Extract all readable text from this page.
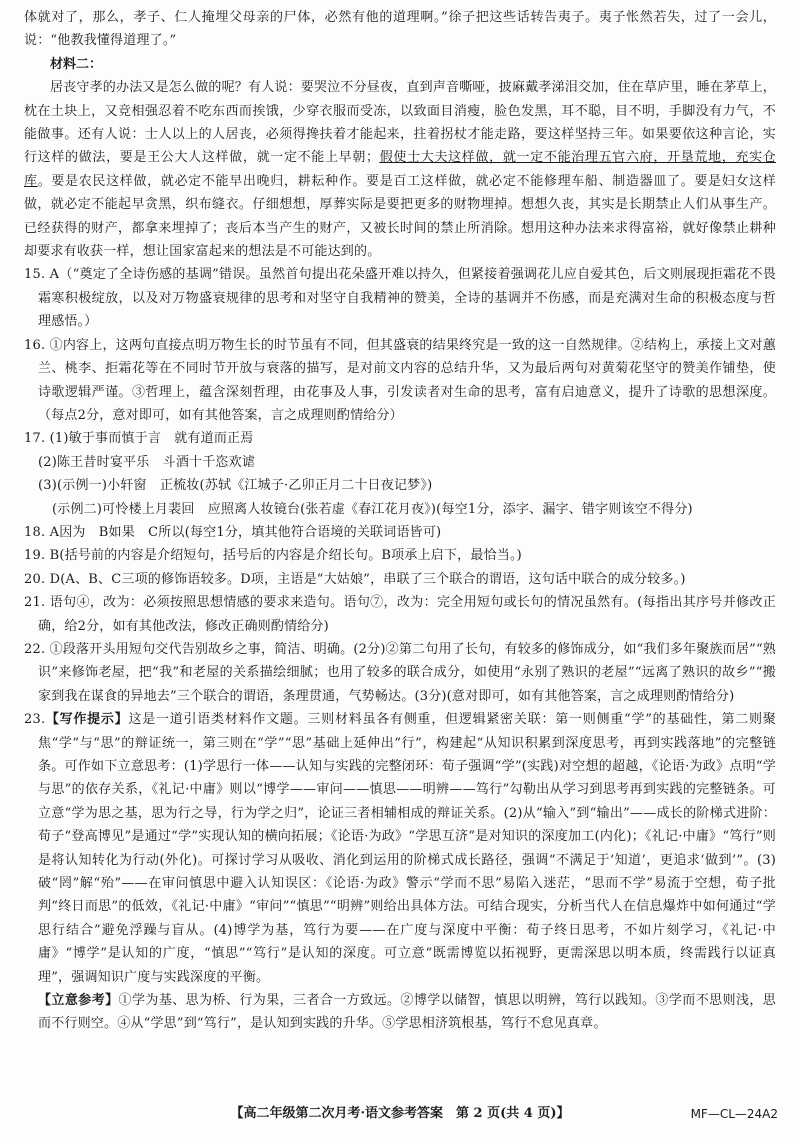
体就对了，那么，孝子、仁人掩埋父母亲的尸体，必然有他的道理啊。”徐子把这些话转告夷子。夷子怅然若失，过了一会儿，说：“他教我懂得道理了。”

材料二：

居丧守孝的办法又是怎么做的呢？有人说：要哭泣不分昼夜，直到声音嘶哑，披麻戴孝涕泪交加，住在草庐里，睡在茅草上，枕在土块上，又竞相强忍着不吃东西而挨饿，少穿衣服而受冻，以致面目消瘦，脸色发黑，耳不聪，目不明，手脚没有力气，不能做事。还有人说：士人以上的人居丧，必须得搀扶着才能起来，拄着拐杖才能走路，要这样坚持三年。如果要依这种言论，实行这样的做法，要是王公大人这样做，就一定不能上早朝；假使士大夫这样做，就一定不能治理五官六府，开垦荒地，充实仓库。要是农民这样做，就必定不能早出晚归，耕耘种作。要是百工这样做，就必定不能修理车船、制造器皿了。要是妇女这样做，就必定不能起早贪黑，织布缝衣。仔细想想，厚葬实际是要把更多的财物埋掉。想想久丧，其实是长期禁止人们从事生产。已经获得的财产，都拿来埋掉了；丧后本当产生的财产，又被长时间的禁止所消除。想用这种办法来求得富裕，就好像禁止耕种却要求有收获一样，想让国家富起来的想法是不可能达到的。

15. A（“奠定了全诗伤感的基调”错误。虽然首句提出花朵盛开难以持久，但紧接着强调花儿应自爱其色，后文则展现拒霜花不畏霜寒积极绽放，以及对万物盛衰规律的思考和对坚守自我精神的赞美，全诗的基调并不伤感，而是充满对生命的积极态度与哲理感悟。）

16. ①内容上，这两句直接点明万物生长的时节虽有不同，但其盛衰的结果终究是一致的这一自然规律。②结构上，承接上文对蕙兰、桃李、拒霜花等在不同时节开放与衰落的描写，是对前文内容的总结升华，又为最后两句对黄菊花坚守的赞美作铺垫，使诗歌逻辑严谨。③哲理上，蕴含深刻哲理，由花事及人事，引发读者对生命的思考，富有启迪意义，提升了诗歌的思想深度。（每点2分，意对即可，如有其他答案，言之成理则酌情给分）

17. (1)敏于事而慎于言　就有道而正焉

(2)陈王昔时宴平乐　斗酒十千恣欢谑

(3)(示例一)小轩窗　正梳妆(苏轼《江城子·乙卯正月二十日夜记梦》)

(示例二)可怜楼上月裴回　应照离人妆镜台(张若虚《春江花月夜》)(每空1分，添字、漏字、错字则该空不得分)

18. A因为　B如果　C所以(每空1分，填其他符合语境的关联词语皆可)

19. B(括号前的内容是介绍短句，括号后的内容是介绍长句。B项承上启下，最恰当。)

20. D(A、B、C三项的修饰语较多。D项，主语是“大姑娘”，串联了三个联合的谓语，这句话中联合的成分较多。)

21. 语句④，改为：必须按照思想情感的要求来造句。语句⑦，改为：完全用短句或长句的情况虽然有。(每指出其序号并修改正确，给2分，如有其他改法，修改正确则酌情给分)

22. ①段落开头用短句交代告别故乡之事，简洁、明确。(2分)②第二句用了长句，有较多的修饰成分，如“我们多年聚族而居”“熟识”来修饰老屋，把“我”和老屋的关系描绘细腻；也用了较多的联合成分，如使用“永别了熟识的老屋”“远离了熟识的故乡”“搬家到我在谋食的异地去”三个联合的谓语，条理贯通，气势畅达。(3分)(意对即可，如有其他答案，言之成理则酌情给分)

23.【写作提示】这是一道引语类材料作文题。三则材料虽各有侧重，但逻辑紧密关联：第一则侧重“学”的基础性，第二则聚焦“学”与“思”的辩证统一，第三则在“学”“思”基础上延伸出“行”，构建起“从知识积累到深度思考，再到实践落地”的完整链条。可作如下立意思考：(1)学思行一体——认知与实践的完整闭环：荀子强调“学”(实践)对空想的超越，《论语·为政》点明“学与思”的依存关系，《礼记·中庸》则以“博学——审问——慎思——明辨——笃行”勾勒出从学习到思考再到实践的完整链条。可立意“学为思之基，思为行之导，行为学之归”，论证三者相辅相成的辩证关系。(2)从“输入”到“输出”——成长的阶梯式进阶：荀子“登高博见”是通过“学”实现认知的横向拓展；《论语·为政》“学思互济”是对知识的深度加工(内化)；《礼记·中庸》“笃行”则是将认知转化为行动(外化)。可探讨学习从吸收、消化到运用的阶梯式成长路径，强调“不满足于‘知道’，更追求‘做到’”。(3)破“罔”解“殆”——在审问慎思中避入认知误区：《论语·为政》警示“学而不思”易陷入迷茫，“思而不学”易流于空想，荀子批判“终日而思”的低效，《礼记·中庸》“审问”“慎思”“明辨”则给出具体方法。可结合现实，分析当代人在信息爆炸中如何通过“学思行结合”避免浮躁与盲从。(4)博学为基，笃行为要——在广度与深度中平衡：荀子终日思考，不如片刻学习，《礼记·中庸》“博学”是认知的广度，“慎思”“笃行”是认知的深度。可立意“既需博览以拓视野，更需深思以明本质，终需践行以证真理”，强调知识广度与实践深度的平衡。

【立意参考】①学为基、思为桥、行为果，三者合一方致远。②博学以储智，慎思以明辨，笃行以践知。③学而不思则浅，思而不行则空。④从“学思”到“笃行”，是认知到实践的升华。⑤学思相济筑根基，笃行不怠见真章。

【高二年级第二次月考·语文参考答案　第 2 页(共 4 页)】	MF—CL—24A2
